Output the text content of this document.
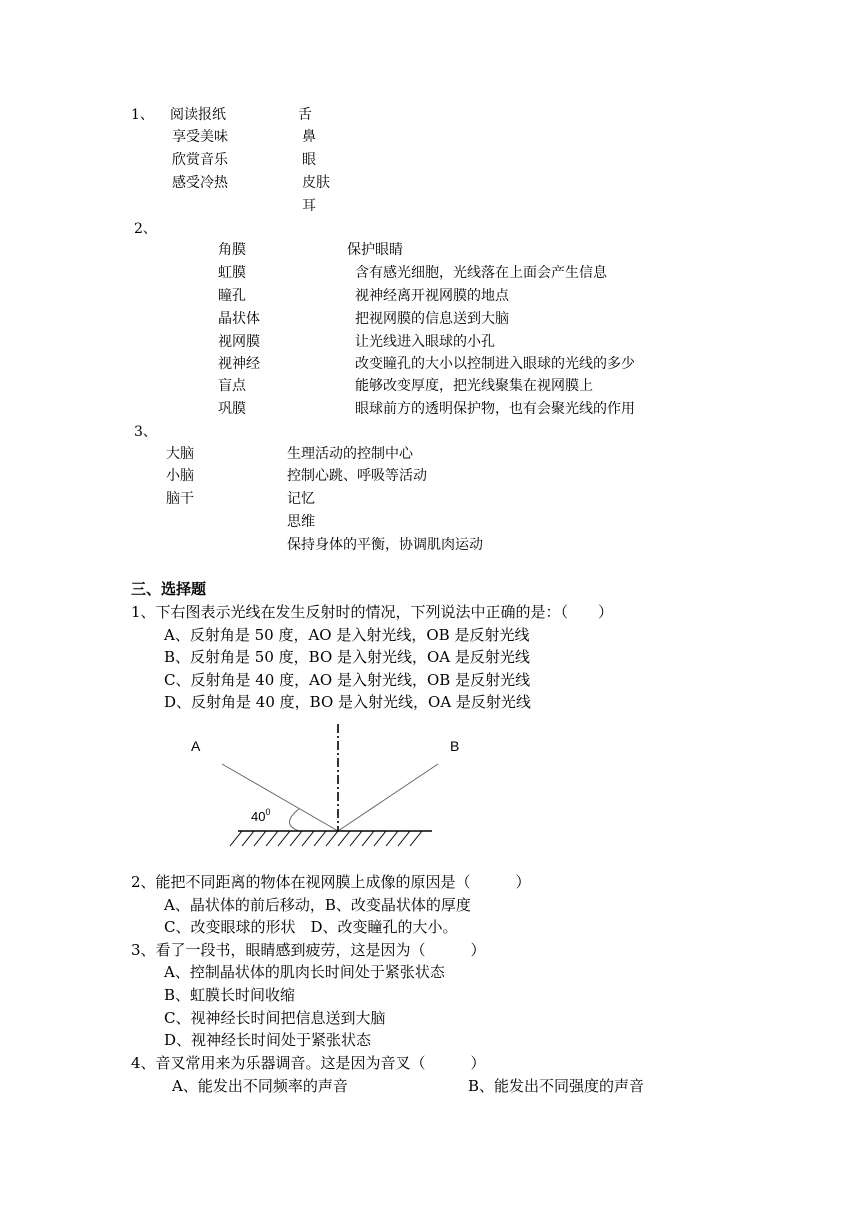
1、 阅读报纸
享受美味
欣赏音乐
感受冷热
舌
鼻
眼
皮肤
耳
2、
角膜
虹膜
瞳孔
晶状体
视网膜
视神经
盲点
巩膜
保护眼睛
含有感光细胞，光线落在上面会产生信息
视神经离开视网膜的地点
把视网膜的信息送到大脑
让光线进入眼球的小孔
改变瞳孔的大小以控制进入眼球的光线的多少
能够改变厚度，把光线聚集在视网膜上
眼球前方的透明保护物，也有会聚光线的作用
3、
大脑
小脑
脑干
生理活动的控制中心
控制心跳、呼吸等活动
记忆
思维
保持身体的平衡，协调肌肉运动
三、选择题
1、下右图表示光线在发生反射时的情况，下列说法中正确的是：（　　）
A、反射角是 50 度，AO 是入射光线，OB 是反射光线
B、反射角是 50 度，BO 是入射光线，OA 是反射光线
C、反射角是 40 度，AO 是入射光线，OB 是反射光线
D、反射角是 40 度，BO 是入射光线，OA 是反射光线
A	B
$40^0$
2、能把不同距离的物体在视网膜上成像的原因是（　　　）
A、晶状体的前后移动，B、改变晶状体的厚度
C、改变眼球的形状　D、改变瞳孔的大小。
3、看了一段书，眼睛感到疲劳，这是因为（　　　）
A、控制晶状体的肌肉长时间处于紧张状态
B、虹膜长时间收缩
C、视神经长时间把信息送到大脑
D、视神经长时间处于紧张状态
4、音叉常用来为乐器调音。这是因为音叉（　　　）
A、能发出不同频率的声音	B、能发出不同强度的声音
